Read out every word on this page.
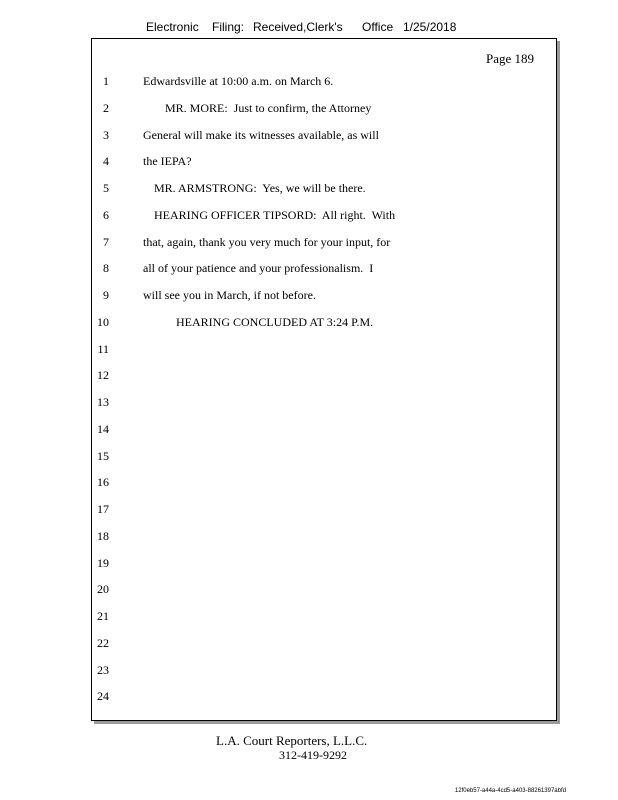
Electronic Filing: Received,Clerk's Office 1/25/2018
Page 189
1	Edwardsville at 10:00 a.m. on March 6.
2	MR. MORE:  Just to confirm, the Attorney
3	General will make its witnesses available, as will
4	the IEPA?
5	MR. ARMSTRONG:  Yes, we will be there.
6	HEARING OFFICER TIPSORD:  All right.  With
7	that, again, thank you very much for your input, for
8	all of your patience and your professionalism.  I
9	will see you in March, if not before.
10	HEARING CONCLUDED AT 3:24 P.M.
11
12
13
14
15
16
17
18
19
20
21
22
23
24
L.A. Court Reporters, L.L.C.
312-419-9292
12f0eb57-a44a-4cd5-a403-88261397abfd
